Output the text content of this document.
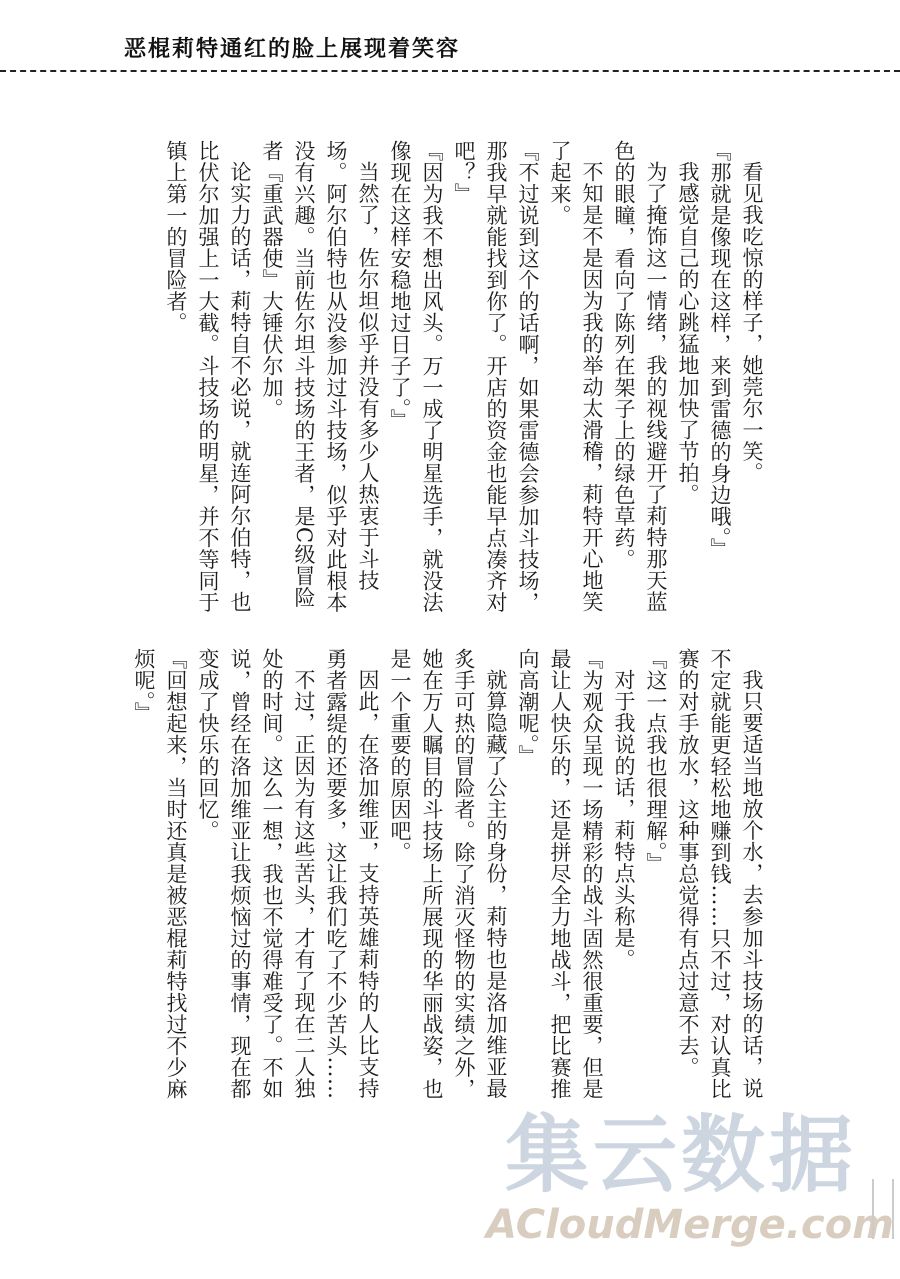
恶棍莉特通红的脸上展现着笑容

看见我吃惊的样子，她莞尔一笑。

『那就是像现在这样，来到雷德的身边哦。』

我感觉自己的心跳猛地加快了节拍。

为了掩饰这一情绪，我的视线避开了莉特那天蓝色的眼瞳，看向了陈列在架子上的绿色草药。

不知是不是因为我的举动太滑稽，莉特开心地笑了起来。

『不过说到这个的话啊，如果雷德会参加斗技场，那我早就能找到你了。开店的资金也能早点凑齐对吧？』

『因为我不想出风头。万一成了明星选手，就没法像现在这样安稳地过日子了。』

当然了，佐尔坦似乎并没有多少人热衷于斗技场。阿尔伯特也从没参加过斗技场，似乎对此根本没有兴趣。当前佐尔坦斗技场的王者，是C级冒险者『重武器使』大锤伏尔加。

论实力的话，莉特自不必说，就连阿尔伯特，也比伏尔加强上一大截。斗技场的明星，并不等同于镇上第一的冒险者。

我只要适当地放个水，去参加斗技场的话，说不定就能更轻松地赚到钱……只不过，对认真比赛的对手放水，这种事总觉得有点过意不去。

『这一点我也很理解。』

对于我说的话，莉特点头称是。

『为观众呈现一场精彩的战斗固然很重要，但是最让人快乐的，还是拼尽全力地战斗，把比赛推向高潮呢。』

就算隐藏了公主的身份，莉特也是洛加维亚最炙手可热的冒险者。除了消灭怪物的实绩之外，她在万人瞩目的斗技场上所展现的华丽战姿，也是一个重要的原因吧。

因此，在洛加维亚，支持英雄莉特的人比支持勇者露缇的还要多，这让我们吃了不少苦头……

不过，正因为有这些苦头，才有了现在二人独处的时间。这么一想，我也不觉得难受了。不如说，曾经在洛加维亚让我烦恼过的事情，现在都变成了快乐的回忆。

『回想起来，当时还真是被恶棍莉特找过不少麻烦呢。』

集云数据
ACloudMerge.com
